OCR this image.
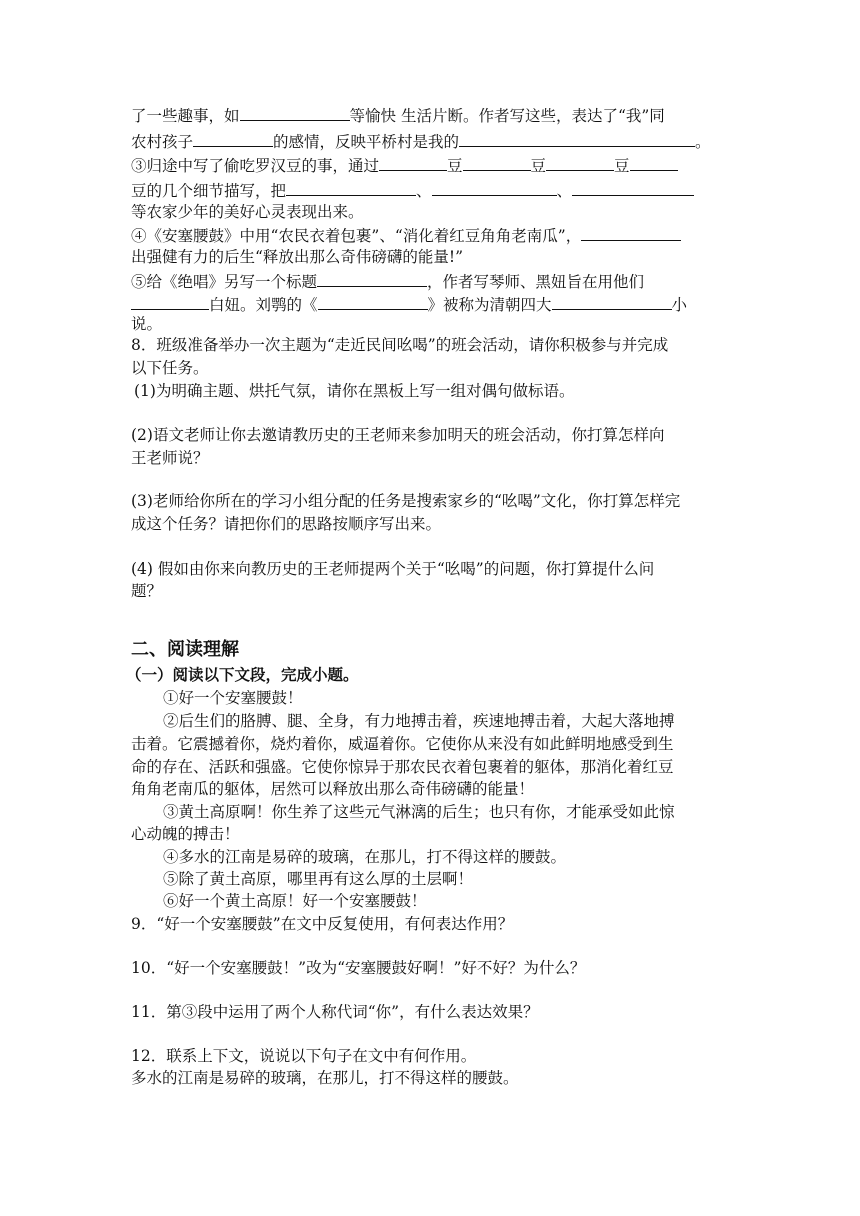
了一些趣事，如	等愉快 生活片断。作者写这些，表达了“我”同
农村孩子	的感情，反映平桥村是我的	。
③归途中写了偷吃罗汉豆的事，通过	豆	豆	豆
豆的几个细节描写，把	、	、
等农家少年的美好心灵表现出来。
④《安塞腰鼓》中用“农民衣着包裹”、“消化着红豆角角老南瓜”，
出强健有力的后生“释放出那么奇伟磅礴的能量!”
⑤给《绝唱》另写一个标题	，作者写琴师、黑妞旨在用他们
白妞。刘鹗的《	》被称为清朝四大	小
说。
8．班级准备举办一次主题为“走近民间吆喝”的班会活动，请你积极参与并完成
以下任务。
(1)为明确主题、烘托气氛，请你在黑板上写一组对偶句做标语。
(2)语文老师让你去邀请教历史的王老师来参加明天的班会活动，你打算怎样向
王老师说？
(3)老师给你所在的学习小组分配的任务是搜索家乡的“吆喝”文化，你打算怎样完
成这个任务？请把你们的思路按顺序写出来。
(4) 假如由你来向教历史的王老师提两个关于“吆喝”的问题，你打算提什么问
题？
二、阅读理解
（一）阅读以下文段，完成小题。
①好一个安塞腰鼓！
②后生们的胳膊、腿、全身，有力地搏击着，疾速地搏击着，大起大落地搏
击着。它震撼着你，烧灼着你，威逼着你。它使你从来没有如此鲜明地感受到生
命的存在、活跃和强盛。它使你惊异于那农民衣着包裹着的躯体，那消化着红豆
角角老南瓜的躯体，居然可以释放出那么奇伟磅礴的能量！
③黄土高原啊！你生养了这些元气淋漓的后生；也只有你，才能承受如此惊
心动魄的搏击！
④多水的江南是易碎的玻璃，在那儿，打不得这样的腰鼓。
⑤除了黄土高原，哪里再有这么厚的土层啊！
⑥好一个黄土高原！好一个安塞腰鼓！
9．“好一个安塞腰鼓”在文中反复使用，有何表达作用？
10．“好一个安塞腰鼓！”改为“安塞腰鼓好啊！”好不好？为什么？
11．第③段中运用了两个人称代词“你”，有什么表达效果？
12．联系上下文，说说以下句子在文中有何作用。
多水的江南是易碎的玻璃，在那儿，打不得这样的腰鼓。
